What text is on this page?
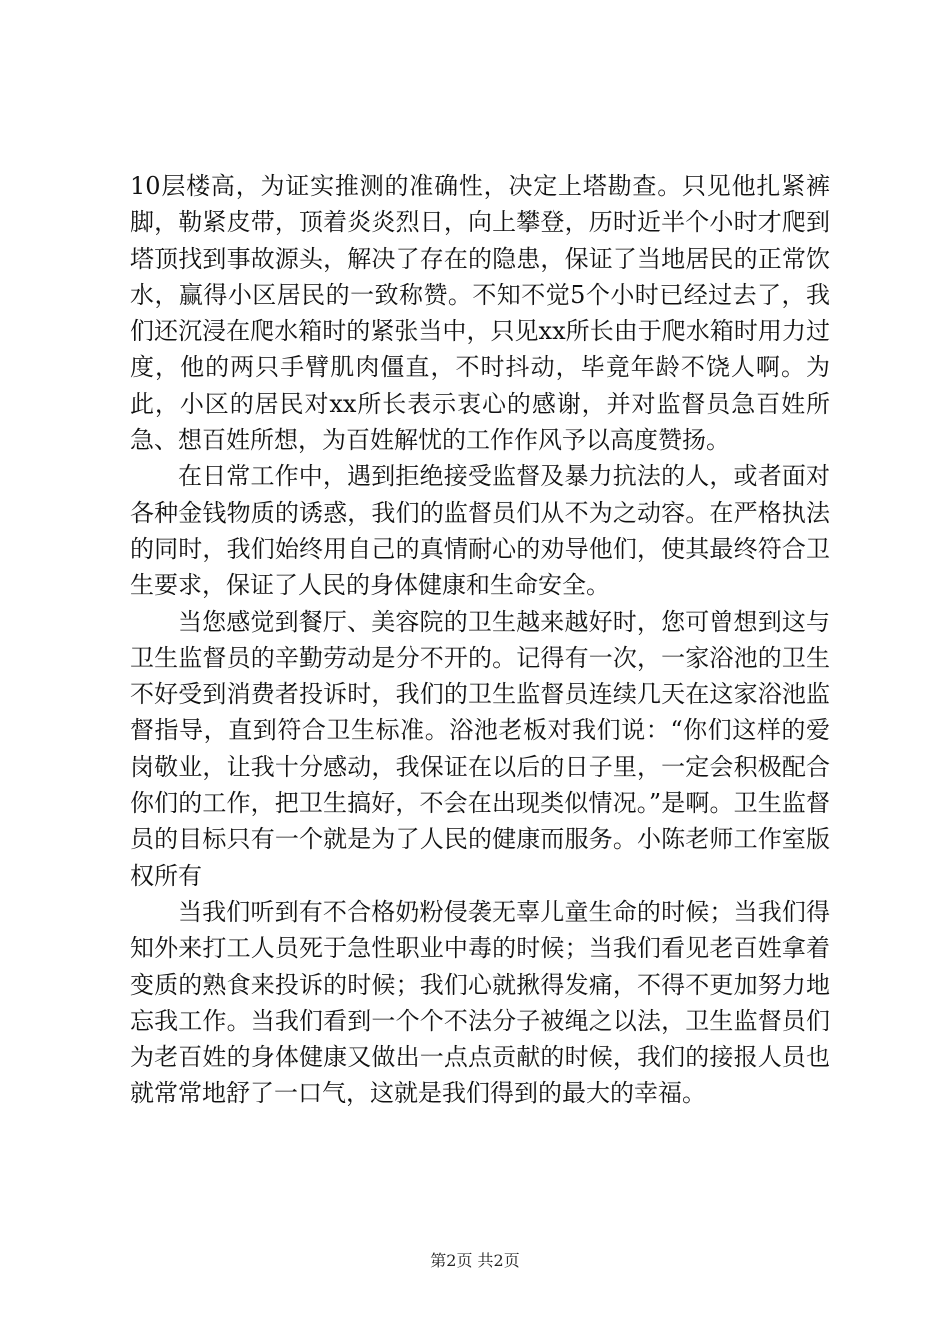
10层楼高，为证实推测的准确性，决定上塔勘查。只见他扎紧裤脚，勒紧皮带，顶着炎炎烈日，向上攀登，历时近半个小时才爬到塔顶找到事故源头，解决了存在的隐患，保证了当地居民的正常饮水，赢得小区居民的一致称赞。不知不觉5个小时已经过去了，我们还沉浸在爬水箱时的紧张当中，只见xx所长由于爬水箱时用力过度，他的两只手臂肌肉僵直，不时抖动，毕竟年龄不饶人啊。为此，小区的居民对xx所长表示衷心的感谢，并对监督员急百姓所急、想百姓所想，为百姓解忧的工作作风予以高度赞扬。

在日常工作中，遇到拒绝接受监督及暴力抗法的人，或者面对各种金钱物质的诱惑，我们的监督员们从不为之动容。在严格执法的同时，我们始终用自己的真情耐心的劝导他们，使其最终符合卫生要求，保证了人民的身体健康和生命安全。

当您感觉到餐厅、美容院的卫生越来越好时，您可曾想到这与卫生监督员的辛勤劳动是分不开的。记得有一次，一家浴池的卫生不好受到消费者投诉时，我们的卫生监督员连续几天在这家浴池监督指导，直到符合卫生标准。浴池老板对我们说：“你们这样的爱岗敬业，让我十分感动，我保证在以后的日子里，一定会积极配合你们的工作，把卫生搞好，不会在出现类似情况。”是啊。卫生监督员的目标只有一个就是为了人民的健康而服务。小陈老师工作室版权所有

当我们听到有不合格奶粉侵袭无辜儿童生命的时候；当我们得知外来打工人员死于急性职业中毒的时候；当我们看见老百姓拿着变质的熟食来投诉的时候；我们心就揪得发痛，不得不更加努力地忘我工作。当我们看到一个个不法分子被绳之以法，卫生监督员们为老百姓的身体健康又做出一点点贡献的时候，我们的接报人员也就常常地舒了一口气，这就是我们得到的最大的幸福。

第2页 共2页
